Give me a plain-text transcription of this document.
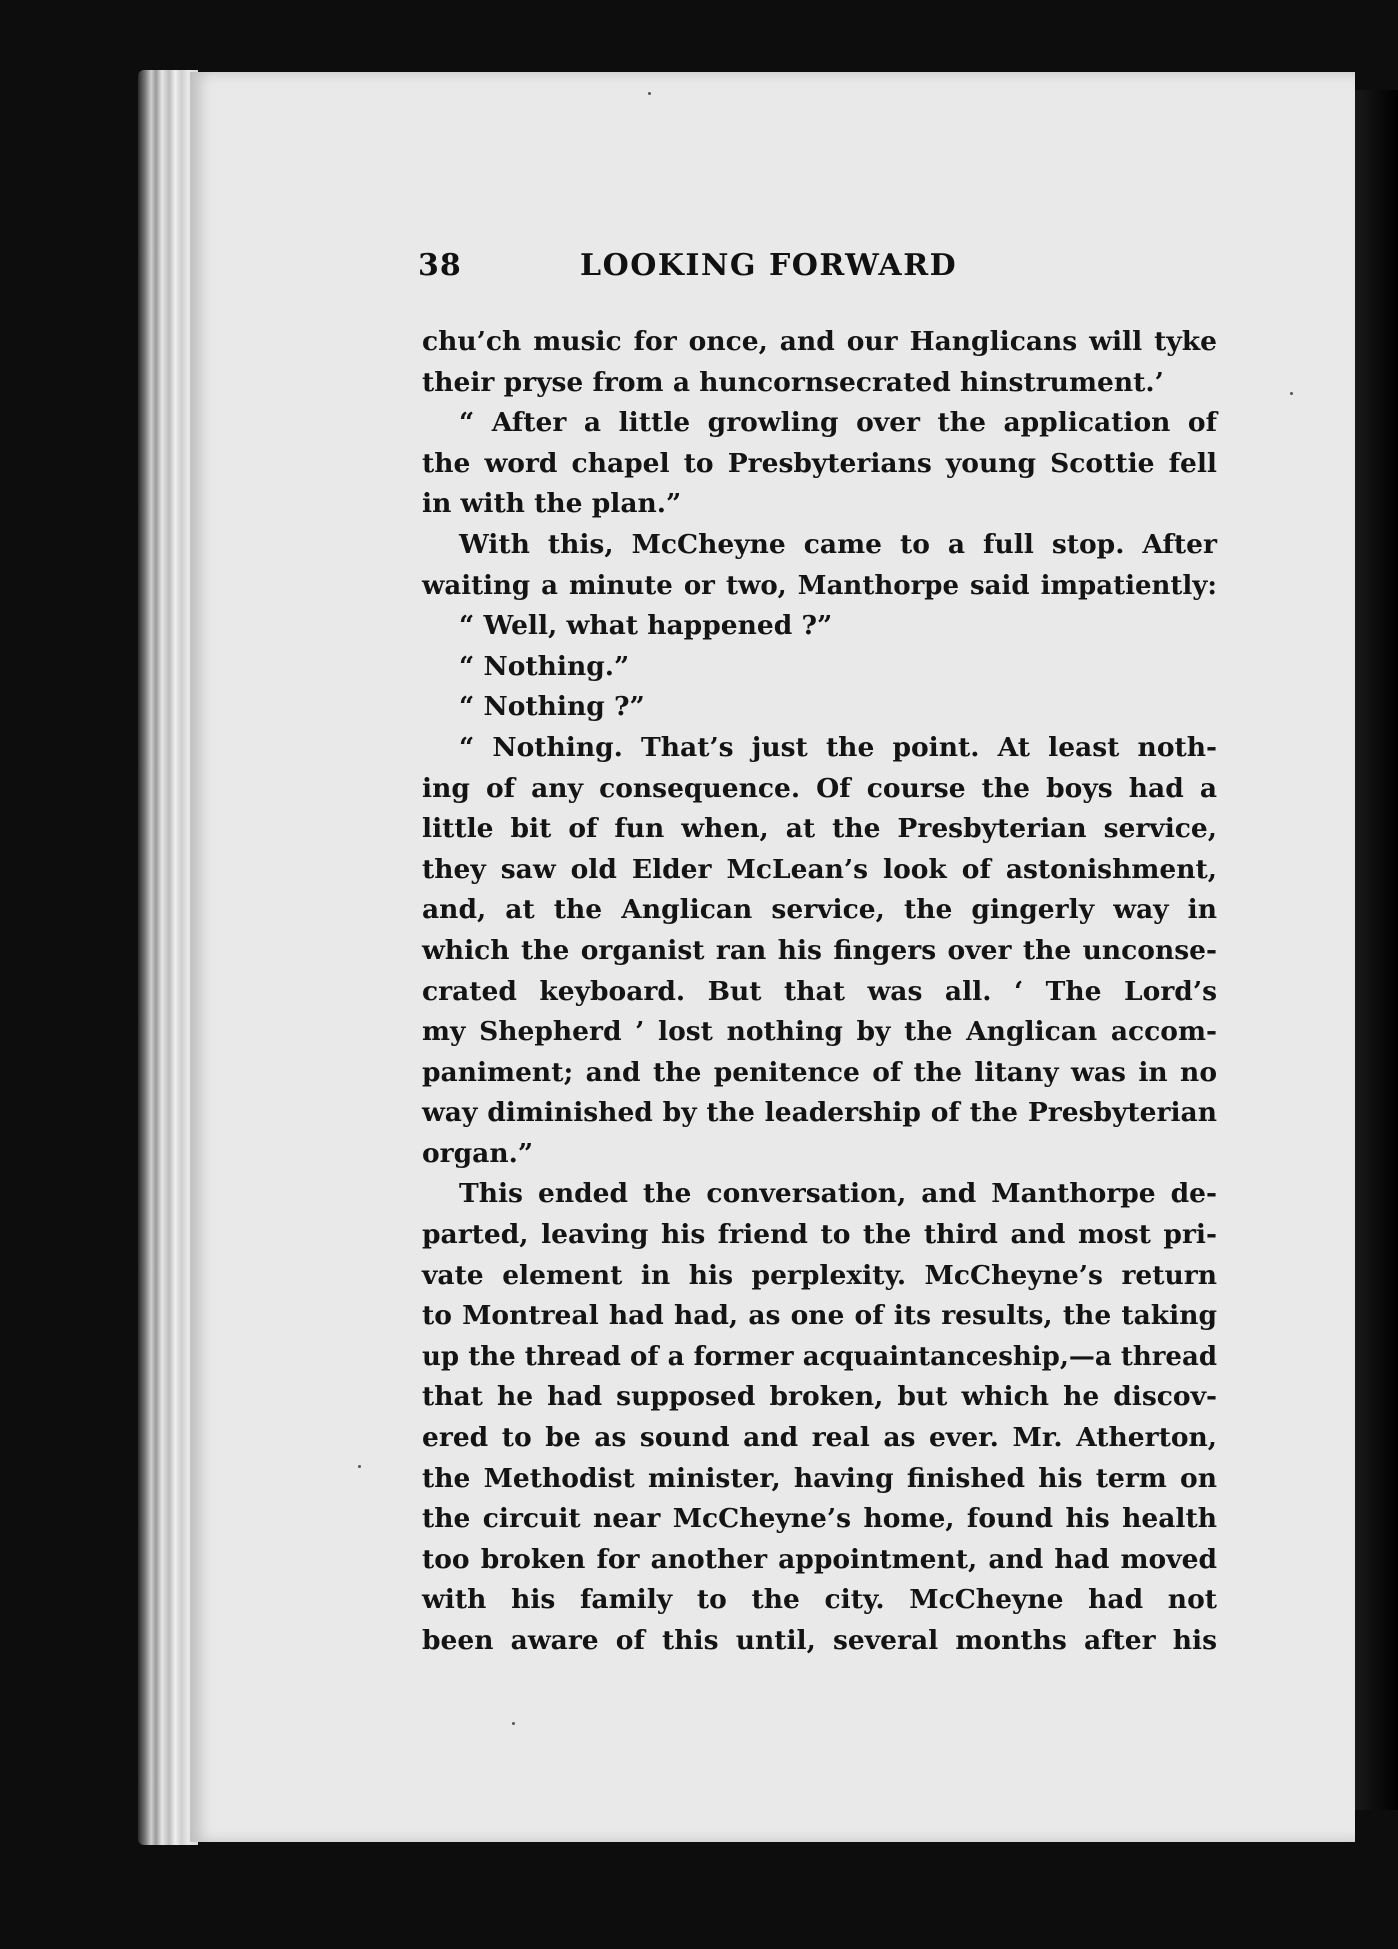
38	LOOKING FORWARD
chu’ch music for once, and our Hanglicans will tyke
their pryse from a huncornsecrated hinstrument.’
“ After a little growling over the application of
the word chapel to Presbyterians young Scottie fell
in with the plan.”
With this, McCheyne came to a full stop. After
waiting a minute or two, Manthorpe said impatiently:
“ Well, what happened ?”
“ Nothing.”
“ Nothing ?”
“ Nothing. That’s just the point. At least noth-
ing of any consequence. Of course the boys had a
little bit of fun when, at the Presbyterian service,
they saw old Elder McLean’s look of astonishment,
and, at the Anglican service, the gingerly way in
which the organist ran his fingers over the unconse-
crated keyboard. But that was all. ‘ The Lord’s
my Shepherd ’ lost nothing by the Anglican accom-
paniment; and the penitence of the litany was in no
way diminished by the leadership of the Presbyterian
organ.”
This ended the conversation, and Manthorpe de-
parted, leaving his friend to the third and most pri-
vate element in his perplexity. McCheyne’s return
to Montreal had had, as one of its results, the taking
up the thread of a former acquaintanceship,—a thread
that he had supposed broken, but which he discov-
ered to be as sound and real as ever. Mr. Atherton,
the Methodist minister, having finished his term on
the circuit near McCheyne’s home, found his health
too broken for another appointment, and had moved
with his family to the city. McCheyne had not
been aware of this until, several months after his
